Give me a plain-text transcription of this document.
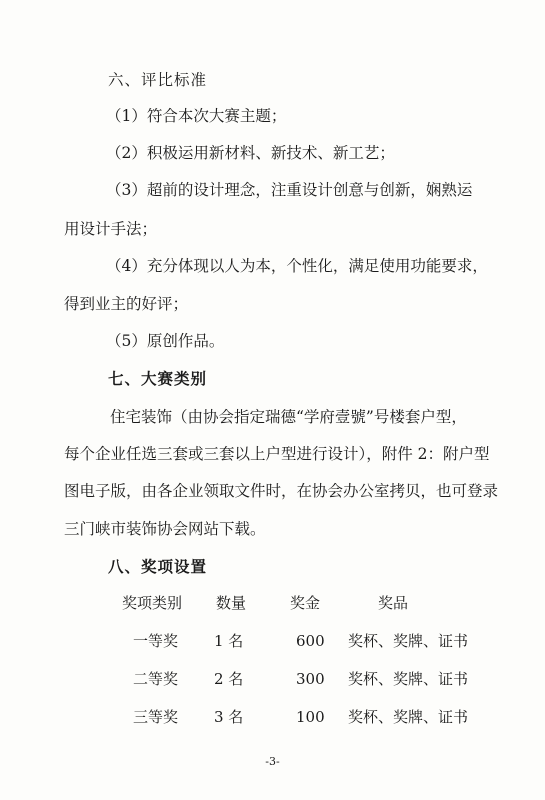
六、评比标准
（1）符合本次大赛主题；
（2）积极运用新材料、新技术、新工艺；
（3）超前的设计理念，注重设计创意与创新，娴熟运
用设计手法；
（4）充分体现以人为本，个性化，满足使用功能要求，
得到业主的好评；
（5）原创作品。
七、大赛类别
住宅装饰（由协会指定瑞德“学府壹號”号楼套户型，
每个企业任选三套或三套以上户型进行设计），附件 2：附户型
图电子版，由各企业领取文件时，在协会办公室拷贝，也可登录
三门峡市装饰协会网站下载。
八、奖项设置
奖项类别 数量	奖金	奖品
一等奖 1 名	600 奖杯、奖牌、证书
二等奖 2 名	300 奖杯、奖牌、证书
三等奖 3 名	100 奖杯、奖牌、证书
-3-
